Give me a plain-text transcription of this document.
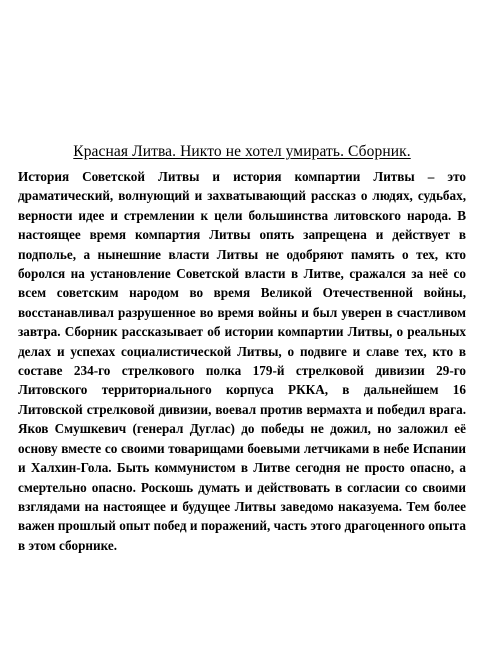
Красная Литва. Никто не хотел умирать. Сборник.

История Советской Литвы и история компартии Литвы – это драматический, волнующий и захватывающий рассказ о людях, судьбах, верности идее и стремлении к цели большинства литовского народа. В настоящее время компартия Литвы опять запрещена и действует в подполье, а нынешние власти Литвы не одобряют память о тех, кто боролся на установление Советской власти в Литве, сражался за неё со всем советским народом во время Великой Отечественной войны, восстанавливал разрушенное во время войны и был уверен в счастливом завтра. Сборник рассказывает об истории компартии Литвы, о реальных делах и успехах социалистической Литвы, о подвиге и славе тех, кто в составе 234-го стрелкового полка 179-й стрелковой дивизии 29-го Литовского территориального корпуса РККА, в дальнейшем 16 Литовской стрелковой дивизии, воевал против вермахта и победил врага. Яков Смушкевич (генерал Дуглас) до победы не дожил, но заложил её основу вместе со своими товарищами боевыми летчиками в небе Испании и Халхин-Гола. Быть коммунистом в Литве сегодня не просто опасно, а смертельно опасно. Роскошь думать и действовать в согласии со своими взглядами на настоящее и будущее Литвы заведомо наказуема. Тем более важен прошлый опыт побед и поражений, часть этого драгоценного опыта в этом сборнике.
